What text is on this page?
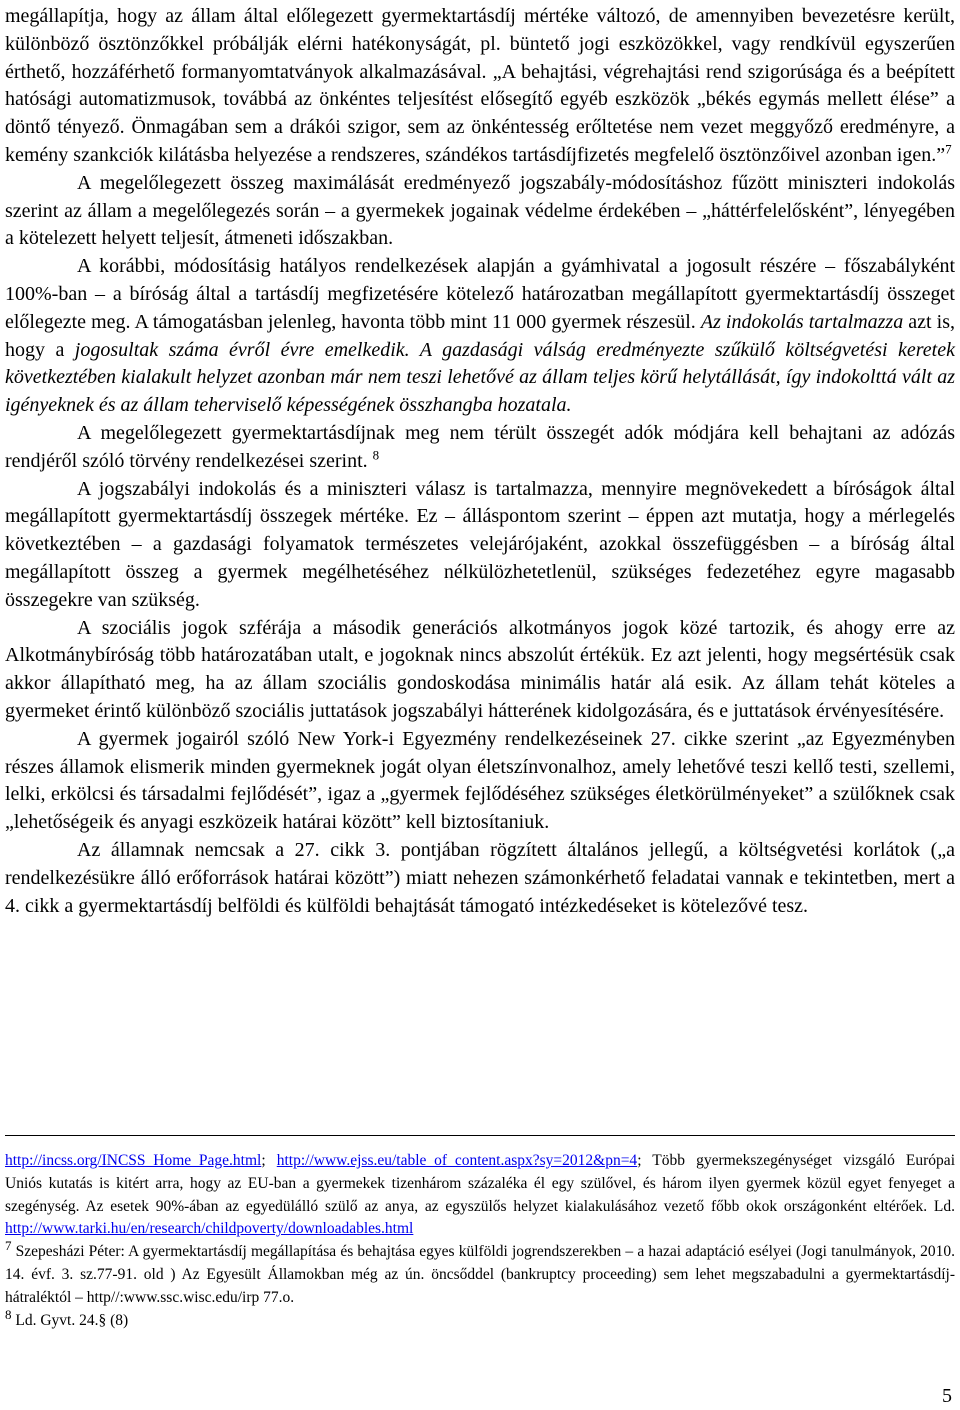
megállapítja, hogy az állam által előlegezett gyermektartásdíj mértéke változó, de amennyiben bevezetésre került, különböző ösztönzőkkel próbálják elérni hatékonyságát, pl. büntető jogi eszközökkel, vagy rendkívül egyszerűen érthető, hozzáférhető formanyomtatványok alkalmazásával. „A behajtási, végrehajtási rend szigorúsága és a beépített hatósági automatizmusok, továbbá az önkéntes teljesítést elősegítő egyéb eszközök „békés egymás mellett élése” a döntő tényező. Önmagában sem a drákói szigor, sem az önkéntesség erőltetése nem vezet meggyőző eredményre, a kemény szankciók kilátásba helyezése a rendszeres, szándékos tartásdíjfizetés megfelelő ösztönzőivel azonban igen.”$^7$

A megelőlegezett összeg maximálását eredményező jogszabály-módosításhoz fűzött miniszteri indokolás szerint az állam a megelőlegezés során – a gyermekek jogainak védelme érdekében – „háttérfelelősként”, lényegében a kötelezett helyett teljesít, átmeneti időszakban.

A korábbi, módosításig hatályos rendelkezések alapján a gyámhivatal a jogosult részére – főszabályként 100%-ban – a bíróság által a tartásdíj megfizetésére kötelező határozatban megállapított gyermektartásdíj összeget előlegezte meg. A támogatásban jelenleg, havonta több mint 11 000 gyermek részesül. Az indokolás tartalmazza azt is, hogy a jogosultak száma évről évre emelkedik. A gazdasági válság eredményezte szűkülő költségvetési keretek következtében kialakult helyzet azonban már nem teszi lehetővé az állam teljes körű helytállását, így indokolttá vált az igényeknek és az állam teherviselő képességének összhangba hozatala.

A megelőlegezett gyermektartásdíjnak meg nem térült összegét adók módjára kell behajtani az adózás rendjéről szóló törvény rendelkezései szerint. $^8$

A jogszabályi indokolás és a miniszteri válasz is tartalmazza, mennyire megnövekedett a bíróságok által megállapított gyermektartásdíj összegek mértéke. Ez – álláspontom szerint – éppen azt mutatja, hogy a mérlegelés következtében – a gazdasági folyamatok természetes velejárójaként, azokkal összefüggésben – a bíróság által megállapított összeg a gyermek megélhetéséhez nélkülözhetetlenül, szükséges fedezetéhez egyre magasabb összegekre van szükség.

A szociális jogok szférája a második generációs alkotmányos jogok közé tartozik, és ahogy erre az Alkotmánybíróság több határozatában utalt, e jogoknak nincs abszolút értékük. Ez azt jelenti, hogy megsértésük csak akkor állapítható meg, ha az állam szociális gondoskodása minimális határ alá esik. Az állam tehát köteles a gyermeket érintő különböző szociális juttatások jogszabályi hátterének kidolgozására, és e juttatások érvényesítésére.

A gyermek jogairól szóló New York-i Egyezmény rendelkezéseinek 27. cikke szerint „az Egyezményben részes államok elismerik minden gyermeknek jogát olyan életszínvonalhoz, amely lehetővé teszi kellő testi, szellemi, lelki, erkölcsi és társadalmi fejlődését”, igaz a „gyermek fejlődéséhez szükséges életkörülményeket” a szülőknek csak „lehetőségeik és anyagi eszközeik határai között” kell biztosítaniuk.

Az államnak nemcsak a 27. cikk 3. pontjában rögzített általános jellegű, a költségvetési korlátok („a rendelkezésükre álló erőforrások határai között”) miatt nehezen számonkérhető feladatai vannak e tekintetben, mert a 4. cikk a gyermektartásdíj belföldi és külföldi behajtását támogató intézkedéseket is kötelezővé tesz.

http://incss.org/INCSS_Home_Page.html; http://www.ejss.eu/table_of_content.aspx?sy=2012&pn=4; Több gyermekszegénységet vizsgáló Európai Uniós kutatás is kitért arra, hogy az EU-ban a gyermekek tizenhárom százaléka él egy szülővel, és három ilyen gyermek közül egyet fenyeget a szegénység. Az esetek 90%-ában az egyedülálló szülő az anya, az egyszülős helyzet kialakulásához vezető főbb okok országonként eltérőek. Ld. http://www.tarki.hu/en/research/childpoverty/downloadables.html

$^7$ Szepesházi Péter: A gyermektartásdíj megállapítása és behajtása egyes külföldi jogrendszerekben – a hazai adaptáció esélyei (Jogi tanulmányok, 2010. 14. évf. 3. sz.77-91. old ) Az Egyesült Államokban még az ún. öncsőddel (bankruptcy proceeding) sem lehet megszabadulni a gyermektartásdíj-hátraléktól – http//:www.ssc.wisc.edu/irp 77.o.

$^8$ Ld. Gyvt. 24.§ (8)

5
